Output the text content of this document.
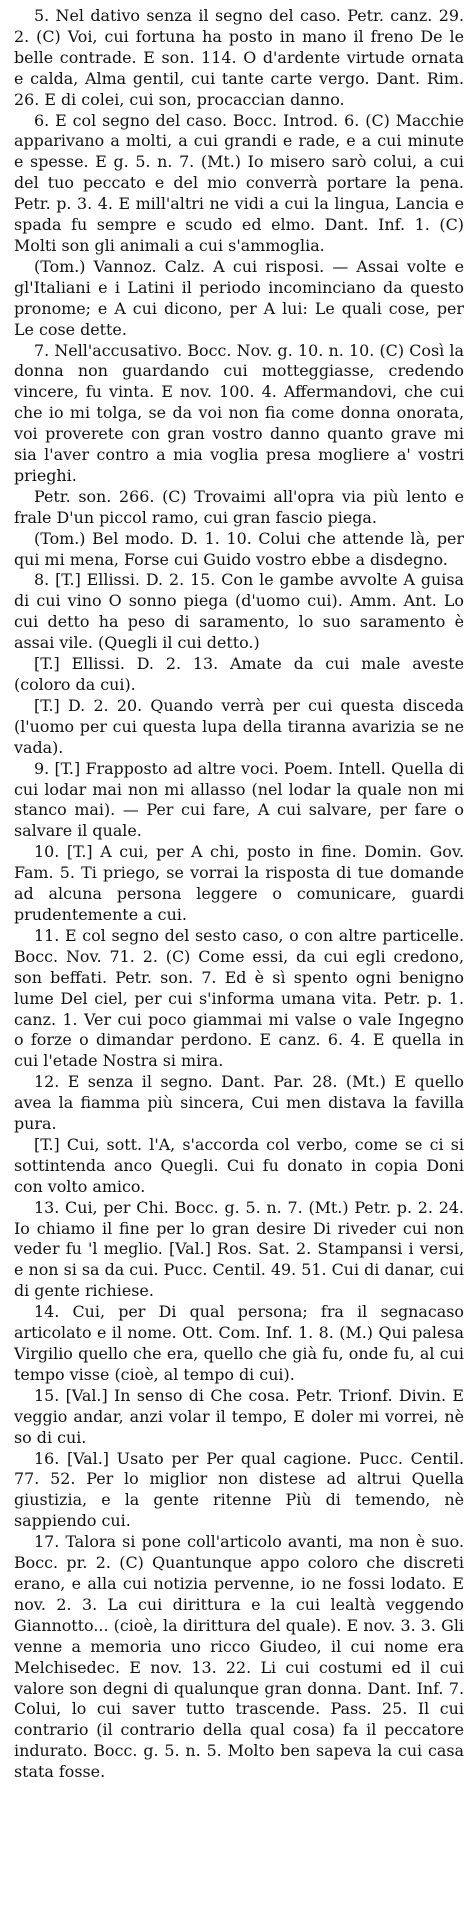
5. Nel dativo senza il segno del caso. Petr. canz. 29. 2. (C) Voi, cui fortuna ha posto in mano il freno De le belle contrade. E son. 114. O d'ardente virtude ornata e calda, Alma gentil, cui tante carte vergo. Dant. Rim. 26. E di colei, cui son, procaccian danno.

6. E col segno del caso. Bocc. Introd. 6. (C) Macchie apparivano a molti, a cui grandi e rade, e a cui minute e spesse. E g. 5. n. 7. (Mt.) Io misero sarò colui, a cui del tuo peccato e del mio converrà portare la pena. Petr. p. 3. 4. E mill'altri ne vidi a cui la lingua, Lancia e spada fu sempre e scudo ed elmo. Dant. Inf. 1. (C) Molti son gli animali a cui s'ammoglia.

(Tom.) Vannoz. Calz. A cui risposi. — Assai volte e gl'Italiani e i Latini il periodo incominciano da questo pronome; e A cui dicono, per A lui: Le quali cose, per Le cose dette.

7. Nell'accusativo. Bocc. Nov. g. 10. n. 10. (C) Così la donna non guardando cui motteggiasse, credendo vincere, fu vinta. E nov. 100. 4. Affermandovi, che cui che io mi tolga, se da voi non fia come donna onorata, voi proverete con gran vostro danno quanto grave mi sia l'aver contro a mia voglia presa mogliere a' vostri prieghi.

Petr. son. 266. (C) Trovaimi all'opra via più lento e frale D'un piccol ramo, cui gran fascio piega.

(Tom.) Bel modo. D. 1. 10. Colui che attende là, per qui mi mena, Forse cui Guido vostro ebbe a disdegno.

8. [T.] Ellissi. D. 2. 15. Con le gambe avvolte A guisa di cui vino O sonno piega (d'uomo cui). Amm. Ant. Lo cui detto ha peso di saramento, lo suo saramento è assai vile. (Quegli il cui detto.)

[T.] Ellissi. D. 2. 13. Amate da cui male aveste (coloro da cui).

[T.] D. 2. 20. Quando verrà per cui questa disceda (l'uomo per cui questa lupa della tiranna avarizia se ne vada).

9. [T.] Frapposto ad altre voci. Poem. Intell. Quella di cui lodar mai non mi allasso (nel lodar la quale non mi stanco mai). — Per cui fare, A cui salvare, per fare o salvare il quale.

10. [T.] A cui, per A chi, posto in fine. Domin. Gov. Fam. 5. Ti priego, se vorrai la risposta di tue domande ad alcuna persona leggere o comunicare, guardi prudentemente a cui.

11. E col segno del sesto caso, o con altre particelle. Bocc. Nov. 71. 2. (C) Come essi, da cui egli credono, son beffati. Petr. son. 7. Ed è sì spento ogni benigno lume Del ciel, per cui s'informa umana vita. Petr. p. 1. canz. 1. Ver cui poco giammai mi valse o vale Ingegno o forze o dimandar perdono. E canz. 6. 4. E quella in cui l'etade Nostra si mira.

12. E senza il segno. Dant. Par. 28. (Mt.) E quello avea la fiamma più sincera, Cui men distava la favilla pura.

[T.] Cui, sott. l'A, s'accorda col verbo, come se ci si sottintenda anco Quegli. Cui fu donato in copia Doni con volto amico.

13. Cui, per Chi. Bocc. g. 5. n. 7. (Mt.) Petr. p. 2. 24. Io chiamo il fine per lo gran desire Di riveder cui non veder fu 'l meglio. [Val.] Ros. Sat. 2. Stampansi i versi, e non si sa da cui. Pucc. Centil. 49. 51. Cui di danar, cui di gente richiese.

14. Cui, per Di qual persona; fra il segnacaso articolato e il nome. Ott. Com. Inf. 1. 8. (M.) Qui palesa Virgilio quello che era, quello che già fu, onde fu, al cui tempo visse (cioè, al tempo di cui).

15. [Val.] In senso di Che cosa. Petr. Trionf. Divin. E veggio andar, anzi volar il tempo, E doler mi vorrei, nè so di cui.

16. [Val.] Usato per Per qual cagione. Pucc. Centil. 77. 52. Per lo miglior non distese ad altrui Quella giustizia, e la gente ritenne Più di temendo, nè sappiendo cui.

17. Talora si pone coll'articolo avanti, ma non è suo. Bocc. pr. 2. (C) Quantunque appo coloro che discreti erano, e alla cui notizia pervenne, io ne fossi lodato. E nov. 2. 3. La cui dirittura e la cui lealtà veggendo Giannotto... (cioè, la dirittura del quale). E nov. 3. 3. Gli venne a memoria uno ricco Giudeo, il cui nome era Melchisedec. E nov. 13. 22. Li cui costumi ed il cui valore son degni di qualunque gran donna. Dant. Inf. 7. Colui, lo cui saver tutto trascende. Pass. 25. Il cui contrario (il contrario della qual cosa) fa il peccatore indurato. Bocc. g. 5. n. 5. Molto ben sapeva la cui casa stata fosse.
